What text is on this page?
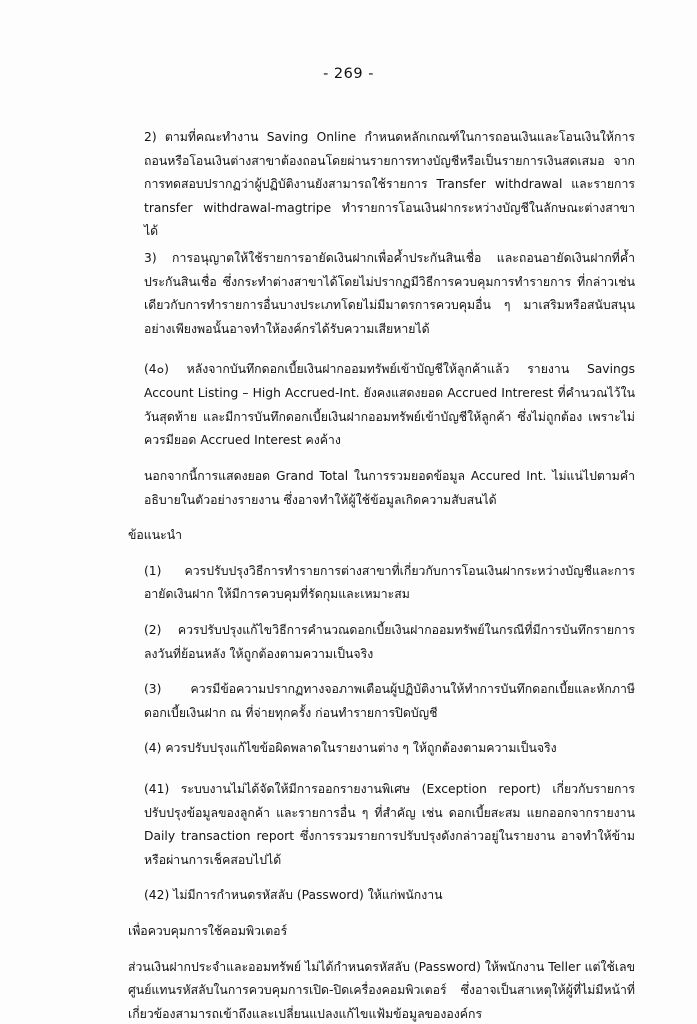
- 269 -

2) ตามที่คณะทำงาน Saving Online กำหนดหลักเกณฑ์ในการถอนเงินและโอนเงินให้การถอนหรือโอนเงินต่างสาขาต้องถอนโดยผ่านรายการทางบัญชีหรือเป็นรายการเงินสดเสมอ จากการทดสอบปรากฏว่าผู้ปฏิบัติงานยังสามารถใช้รายการ Transfer withdrawal และรายการ transfer withdrawal-magtripe ทำรายการโอนเงินฝากระหว่างบัญชีในลักษณะต่างสาขาได้

3) การอนุญาตให้ใช้รายการอายัดเงินฝากเพื่อค้ำประกันสินเชื่อ และถอนอายัดเงินฝากที่ค้ำประกันสินเชื่อ ซึ่งกระทำต่างสาขาได้โดยไม่ปรากฏมีวิธีการควบคุมการทำรายการ ที่กล่าวเช่นเดียวกับการทำรายการอื่นบางประเภทโดยไม่มีมาตรการควบคุมอื่น ๆ มาเสริมหรือสนับสนุนอย่างเพียงพอนั้นอาจทำให้องค์กรได้รับความเสียหายได้

(4๐) หลังจากบันทึกดอกเบี้ยเงินฝากออมทรัพย์เข้าบัญชีให้ลูกค้าแล้ว รายงาน Savings Account Listing – High Accrued-Int. ยังคงแสดงยอด Accrued Intrerest ที่คำนวณไว้ในวันสุดท้าย และมีการบันทึกดอกเบี้ยเงินฝากออมทรัพย์เข้าบัญชีให้ลูกค้า ซึ่งไม่ถูกต้อง เพราะไม่ควรมียอด Accrued Interest คงค้าง

นอกจากนี้การแสดงยอด Grand Total ในการรวมยอดข้อมูล Accured Int. ไม่แน่ไปตามคำอธิบายในตัวอย่างรายงาน ซึ่งอาจทำให้ผู้ใช้ข้อมูลเกิดความสับสนได้

ข้อแนะนำ

(1) ควรปรับปรุงวิธีการทำรายการต่างสาขาที่เกี่ยวกับการโอนเงินฝากระหว่างบัญชีและการอายัดเงินฝาก ให้มีการควบคุมที่รัดกุมและเหมาะสม

(2) ควรปรับปรุงแก้ไขวิธีการคำนวณดอกเบี้ยเงินฝากออมทรัพย์ในกรณีที่มีการบันทึกรายการลงวันที่ย้อนหลัง ให้ถูกต้องตามความเป็นจริง

(3) ควรมีข้อความปรากฏทางจอภาพเตือนผู้ปฏิบัติงานให้ทำการบันทึกดอกเบี้ยและหักภาษีดอกเบี้ยเงินฝาก ณ ที่จ่ายทุกครั้ง ก่อนทำรายการปิดบัญชี

(4) ควรปรับปรุงแก้ไขข้อผิดพลาดในรายงานต่าง ๆ ให้ถูกต้องตามความเป็นจริง

(41) ระบบงานไม่ได้จัดให้มีการออกรายงานพิเศษ (Exception report) เกี่ยวกับรายการปรับปรุงข้อมูลของลูกค้า และรายการอื่น ๆ ที่สำคัญ เช่น ดอกเบี้ยสะสม แยกออกจากรายงาน Daily transaction report ซึ่งการรวมรายการปรับปรุงดังกล่าวอยู่ในรายงาน อาจทำให้ข้ามหรือผ่านการเช็คสอบไปได้

(42) ไม่มีการกำหนดรหัสลับ (Password) ให้แก่พนักงาน

เพื่อควบคุมการใช้คอมพิวเตอร์

ส่วนเงินฝากประจำและออมทรัพย์ ไม่ได้กำหนดรหัสลับ (Password) ให้พนักงาน Teller แต่ใช้เลขศูนย์แทนรหัสลับในการควบคุมการเปิด-ปิดเครื่องคอมพิวเตอร์ ซึ่งอาจเป็นสาเหตุให้ผู้ที่ไม่มีหน้าที่เกี่ยวข้องสามารถเข้าถึงและเปลี่ยนแปลงแก้ไขแฟ้มข้อมูลขององค์กร
